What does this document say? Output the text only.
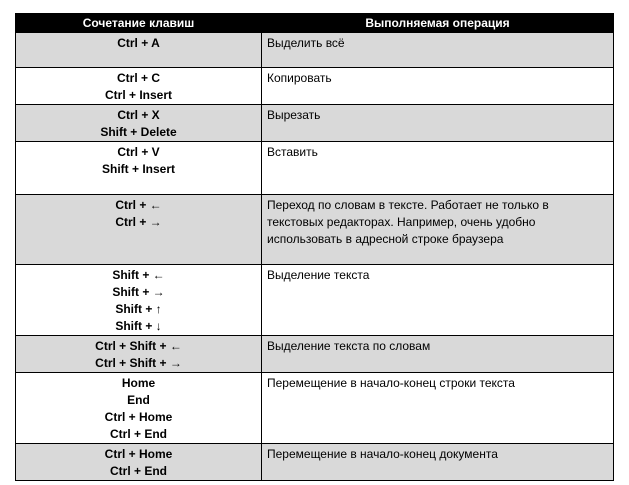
Сочетание клавиш	Выполняемая операция

Ctrl + A	Выделить всё

Ctrl + C
Ctrl + Insert	Копировать

Ctrl + X
Shift + Delete	Вырезать

Ctrl + V
Shift + Insert	Вставить

Ctrl + ←
Ctrl + →	Переход по словам в тексте. Работает не только в текстовых редакторах. Например, очень удобно использовать в адресной строке браузера

Shift + ←
Shift + →
Shift + ↑
Shift + ↓	Выделение текста

Ctrl + Shift + ←
Ctrl + Shift + →	Выделение текста по словам

Home
End
Ctrl + Home
Ctrl + End	Перемещение в начало-конец строки текста

Ctrl + Home
Ctrl + End	Перемещение в начало-конец документа
